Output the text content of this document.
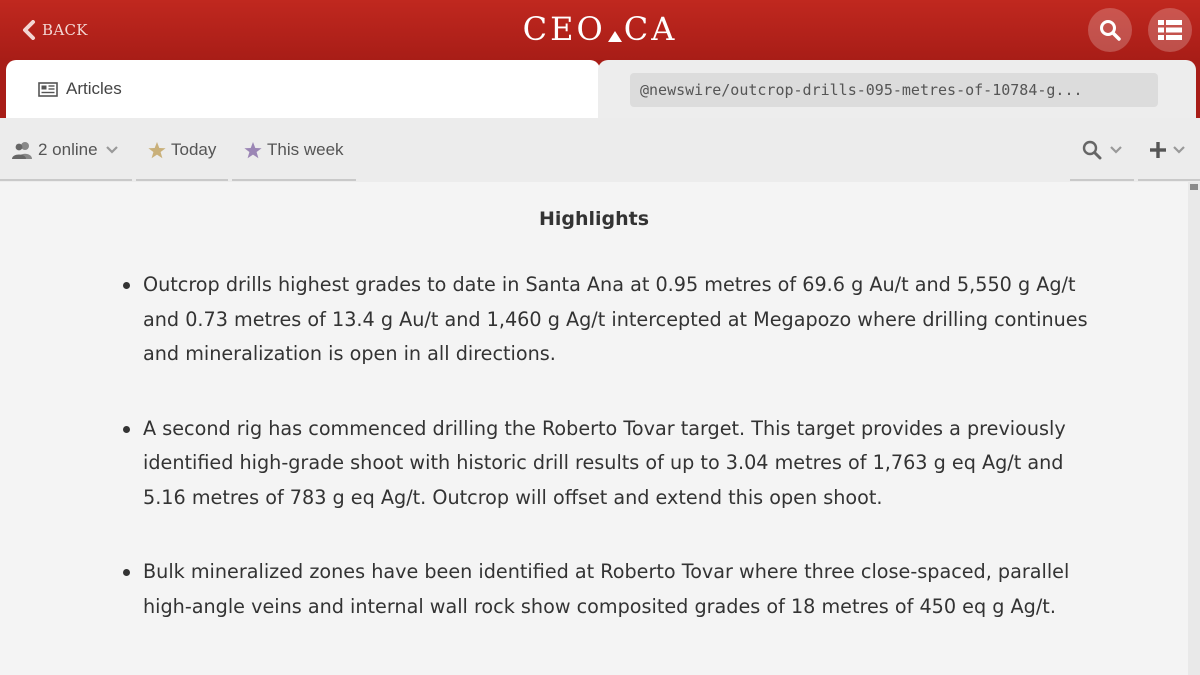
BACK	CEO CA
Articles	@newswire/outcrop-drills-095-metres-of-10784-g...
2 online	Today	This week
Highlights
Outcrop drills highest grades to date in Santa Ana at 0.95 metres of 69.6 g Au/t and 5,550 g Ag/t and 0.73 metres of 13.4 g Au/t and 1,460 g Ag/t intercepted at Megapozo where drilling continues and mineralization is open in all directions.
A second rig has commenced drilling the Roberto Tovar target. This target provides a previously identified high-grade shoot with historic drill results of up to 3.04 metres of 1,763 g eq Ag/t and 5.16 metres of 783 g eq Ag/t. Outcrop will offset and extend this open shoot.
Bulk mineralized zones have been identified at Roberto Tovar where three close-spaced, parallel high-angle veins and internal wall rock show composited grades of 18 metres of 450 eq g Ag/t.
